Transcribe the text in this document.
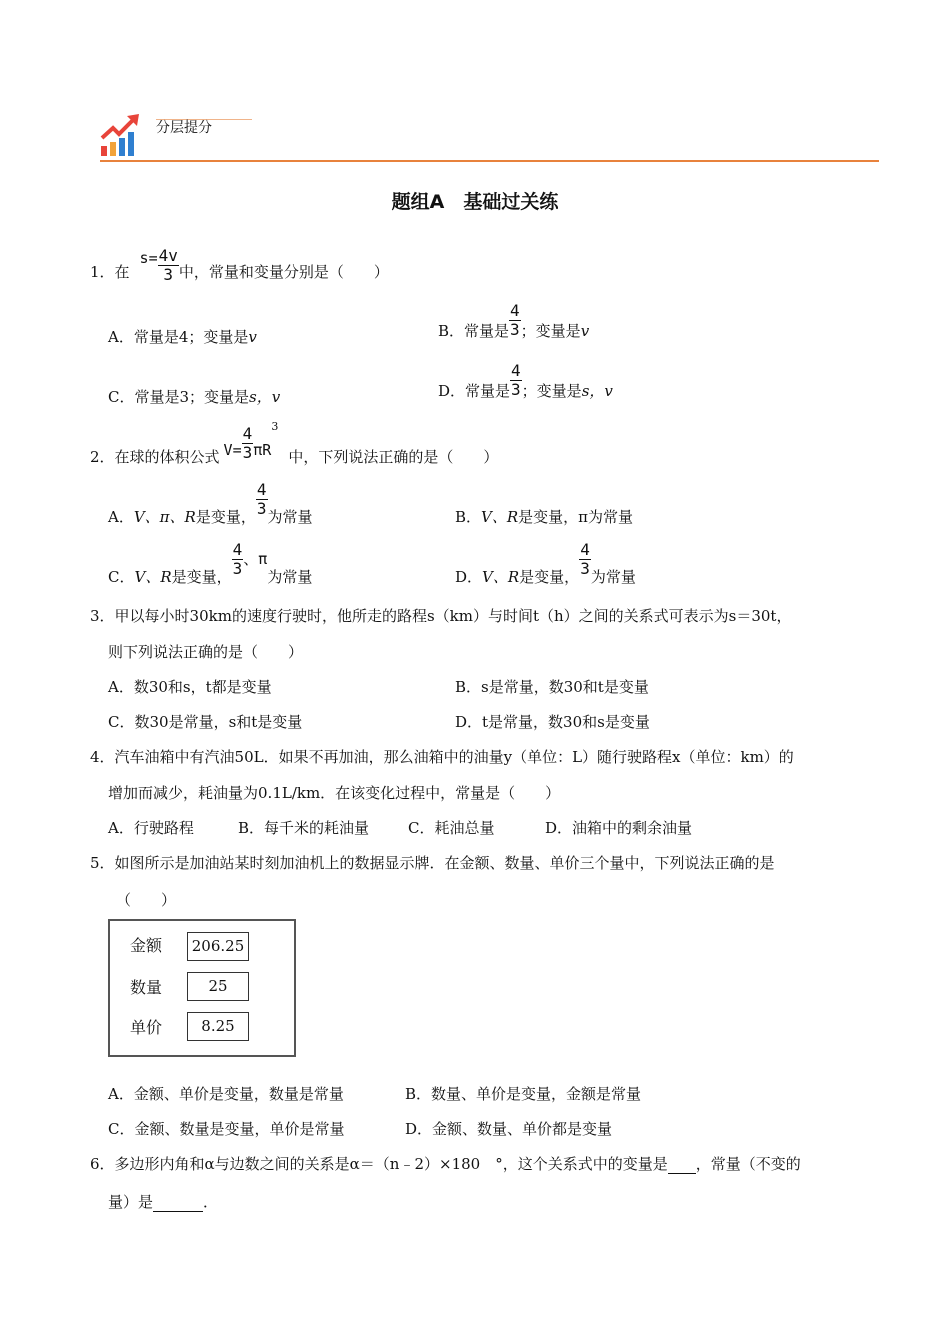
分层提分
题组A　基础过关练
1．在$s= \frac{4v}{3}$ 中，常量和变量分别是（　　）
A．常量是4；变量是v	B．常量是 $\frac{4}{3}$ ；变量是v
C．常量是3；变量是s，v	D．常量是 $\frac{4}{3}$ ；变量是s，v
2．在球的体积公式 $V= \frac{4}{3} \pi R^3$中，下列说法正确的是（　　）
A．V、π、R是变量， $\frac{4}{3}$ 为常量	B．V、R是变量，π为常量
C．V、R是变量， $\frac{4}{3}$ 、π为常量	D．V、R是变量， $\frac{4}{3}$ 为常量
3．甲以每小时30km的速度行驶时，他所走的路程s（km）与时间t（h）之间的关系式可表示为s＝30t，
则下列说法正确的是（　　）
A．数30和s，t都是变量	B．s是常量，数30和t是变量
C．数30是常量，s和t是变量	D．t是常量，数30和s是变量
4．汽车油箱中有汽油50L．如果不再加油，那么油箱中的油量y（单位：L）随行驶路程x（单位：km）的
增加而减少，耗油量为0.1L/km．在该变化过程中，常量是（　　）
A．行驶路程	B．每千米的耗油量	C．耗油总量	D．油箱中的剩余油量
5．如图所示是加油站某时刻加油机上的数据显示牌．在金额、数量、单价三个量中，下列说法正确的是
（　　）
金额	206.25
数量	25
单价	8.25
A．金额、单价是变量，数量是常量	B．数量、单价是变量，金额是常量
C．金额、数量是变量，单价是常量	D．金额、数量、单价都是变量
6．多边形内角和α与边数之间的关系是α＝（n﹣2）×180　°，这个关系式中的变量是 ，常量（不变的
量）是	．
